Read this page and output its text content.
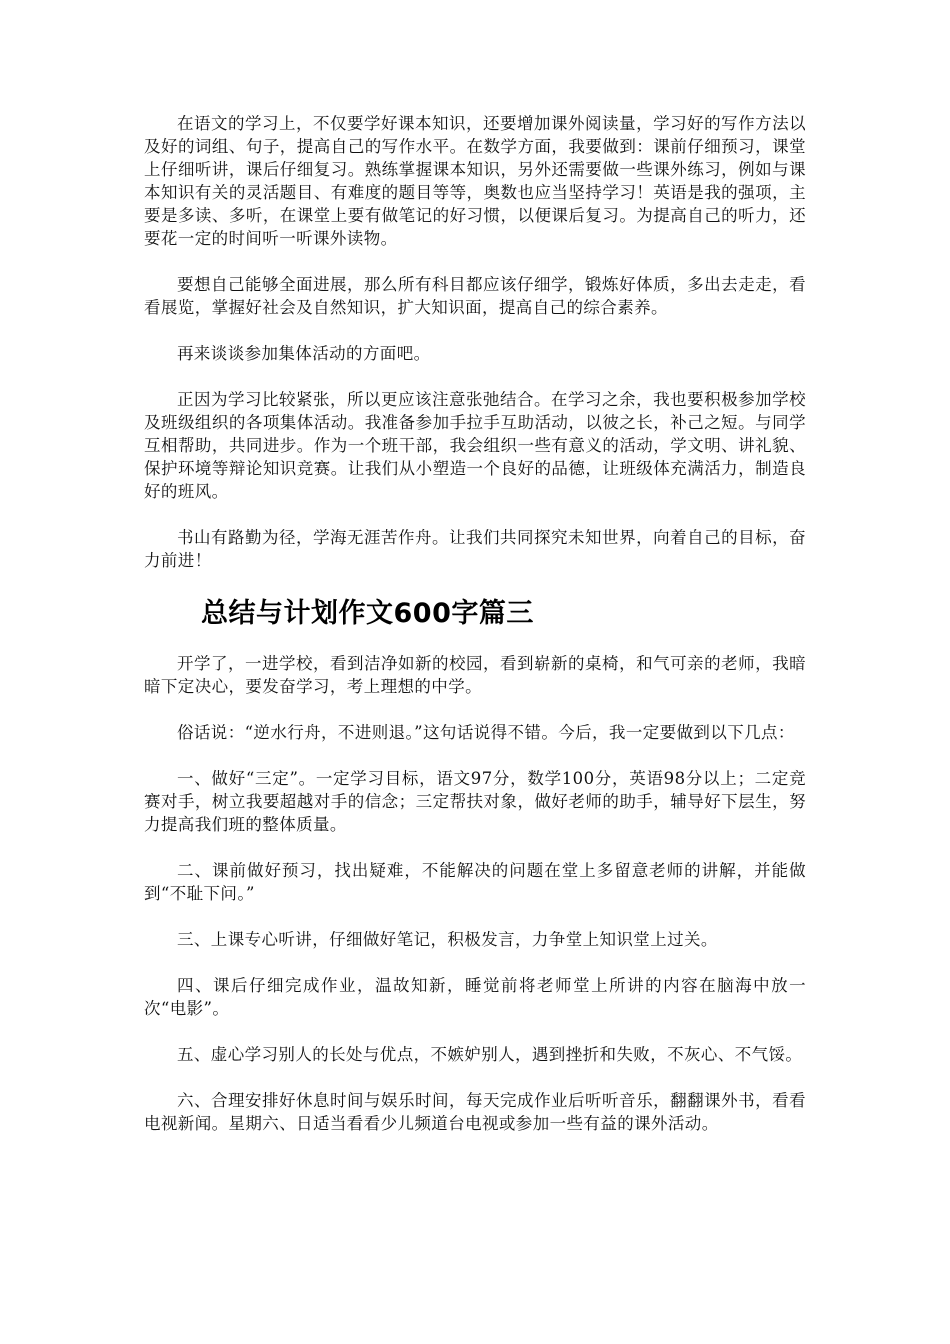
在语文的学习上，不仅要学好课本知识，还要增加课外阅读量，学习好的写作方法以及好的词组、句子，提高自己的写作水平。在数学方面，我要做到：课前仔细预习，课堂上仔细听讲，课后仔细复习。熟练掌握课本知识，另外还需要做一些课外练习，例如与课本知识有关的灵活题目、有难度的题目等等，奥数也应当坚持学习！英语是我的强项，主要是多读、多听，在课堂上要有做笔记的好习惯，以便课后复习。为提高自己的听力，还要花一定的时间听一听课外读物。

要想自己能够全面进展，那么所有科目都应该仔细学，锻炼好体质，多出去走走，看看展览，掌握好社会及自然知识，扩大知识面，提高自己的综合素养。

再来谈谈参加集体活动的方面吧。

正因为学习比较紧张，所以更应该注意张弛结合。在学习之余，我也要积极参加学校及班级组织的各项集体活动。我准备参加手拉手互助活动，以彼之长，补己之短。与同学互相帮助，共同进步。作为一个班干部，我会组织一些有意义的活动，学文明、讲礼貌、保护环境等辩论知识竞赛。让我们从小塑造一个良好的品德，让班级体充满活力，制造良好的班风。

书山有路勤为径，学海无涯苦作舟。让我们共同探究未知世界，向着自己的目标，奋力前进！

总结与计划作文600字篇三

开学了，一进学校，看到洁净如新的校园，看到崭新的桌椅，和气可亲的老师，我暗暗下定决心，要发奋学习，考上理想的中学。

俗话说：“逆水行舟，不进则退。”这句话说得不错。今后，我一定要做到以下几点：

一、做好“三定”。一定学习目标，语文97分，数学100分，英语98分以上；二定竞赛对手，树立我要超越对手的信念；三定帮扶对象，做好老师的助手，辅导好下层生，努力提高我们班的整体质量。

二、课前做好预习，找出疑难，不能解决的问题在堂上多留意老师的讲解，并能做到“不耻下问。”

三、上课专心听讲，仔细做好笔记，积极发言，力争堂上知识堂上过关。

四、课后仔细完成作业，温故知新，睡觉前将老师堂上所讲的内容在脑海中放一次“电影”。

五、虚心学习别人的长处与优点，不嫉妒别人，遇到挫折和失败，不灰心、不气馁。

六、合理安排好休息时间与娱乐时间，每天完成作业后听听音乐，翻翻课外书，看看电视新闻。星期六、日适当看看少儿频道台电视或参加一些有益的课外活动。
